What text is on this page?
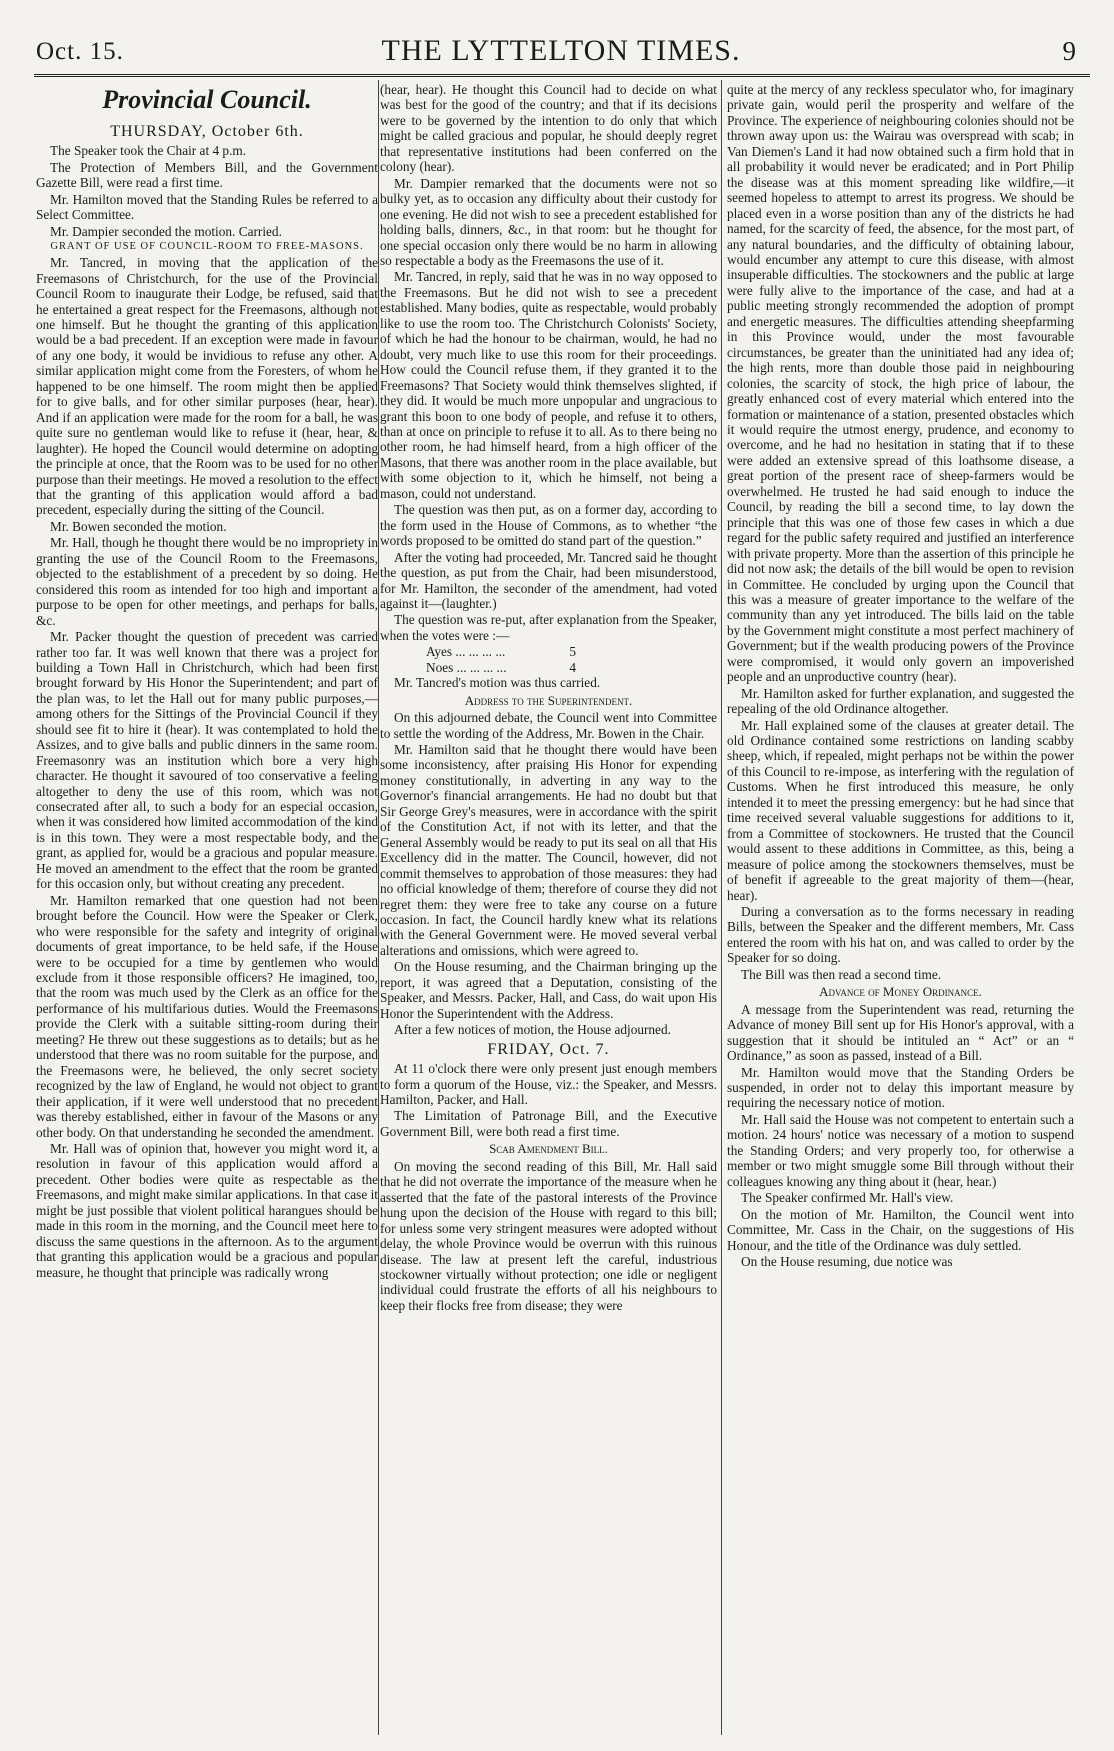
Oct. 15.	THE LYTTELTON TIMES.	9

Provincial Council.

THURSDAY, October 6th.

The Speaker took the Chair at 4 p.m.

The Protection of Members Bill, and the Government Gazette Bill, were read a first time.

Mr. Hamilton moved that the Standing Rules be referred to a Select Committee.

Mr. Dampier seconded the motion. Carried.

GRANT OF USE OF COUNCIL-ROOM TO FREE-MASONS.

Mr. Tancred, in moving that the application of the Freemasons of Christchurch, for the use of the Provincial Council Room to inaugurate their Lodge, be refused, said that he entertained a great respect for the Freemasons, although not one himself. But he thought the granting of this application would be a bad precedent. If an exception were made in favour of any one body, it would be invidious to refuse any other. A similar application might come from the Foresters, of whom he happened to be one himself. The room might then be applied for to give balls, and for other similar purposes (hear, hear). And if an application were made for the room for a ball, he was quite sure no gentleman would like to refuse it (hear, hear, & laughter). He hoped the Council would determine on adopting the principle at once, that the Room was to be used for no other purpose than their meetings. He moved a resolution to the effect that the granting of this application would afford a bad precedent, especially during the sitting of the Council.

Mr. Bowen seconded the motion.

Mr. Hall, though he thought there would be no impropriety in granting the use of the Council Room to the Freemasons, objected to the establishment of a precedent by so doing. He considered this room as intended for too high and important a purpose to be open for other meetings, and perhaps for balls, &c.

Mr. Packer thought the question of precedent was carried rather too far. It was well known that there was a project for building a Town Hall in Christchurch, which had been first brought forward by His Honor the Superintendent; and part of the plan was, to let the Hall out for many public purposes,—among others for the Sittings of the Provincial Council if they should see fit to hire it (hear). It was contemplated to hold the Assizes, and to give balls and public dinners in the same room. Freemasonry was an institution which bore a very high character. He thought it savoured of too conservative a feeling altogether to deny the use of this room, which was not consecrated after all, to such a body for an especial occasion, when it was considered how limited accommodation of the kind is in this town. They were a most respectable body, and the grant, as applied for, would be a gracious and popular measure. He moved an amendment to the effect that the room be granted for this occasion only, but without creating any precedent.

Mr. Hamilton remarked that one question had not been brought before the Council. How were the Speaker or Clerk, who were responsible for the safety and integrity of original documents of great importance, to be held safe, if the House were to be occupied for a time by gentlemen who would exclude from it those responsible officers? He imagined, too, that the room was much used by the Clerk as an office for the performance of his multifarious duties. Would the Freemasons provide the Clerk with a suitable sitting-room during their meeting? He threw out these suggestions as to details; but as he understood that there was no room suitable for the purpose, and the Freemasons were, he believed, the only secret society recognized by the law of England, he would not object to grant their application, if it were well understood that no precedent was thereby established, either in favour of the Masons or any other body. On that understanding he seconded the amendment.

Mr. Hall was of opinion that, however you might word it, a resolution in favour of this application would afford a precedent. Other bodies were quite as respectable as the Freemasons, and might make similar applications. In that case it might be just possible that violent political harangues should be made in this room in the morning, and the Council meet here to discuss the same questions in the afternoon. As to the argument that granting this application would be a gracious and popular measure, he thought that principle was radically wrong

(hear, hear). He thought this Council had to decide on what was best for the good of the country; and that if its decisions were to be governed by the intention to do only that which might be called gracious and popular, he should deeply regret that representative institutions had been conferred on the colony (hear).

Mr. Dampier remarked that the documents were not so bulky yet, as to occasion any difficulty about their custody for one evening. He did not wish to see a precedent established for holding balls, dinners, &c., in that room: but he thought for one special occasion only there would be no harm in allowing so respectable a body as the Freemasons the use of it.

Mr. Tancred, in reply, said that he was in no way opposed to the Freemasons. But he did not wish to see a precedent established. Many bodies, quite as respectable, would probably like to use the room too. The Christchurch Colonists' Society, of which he had the honour to be chairman, would, he had no doubt, very much like to use this room for their proceedings. How could the Council refuse them, if they granted it to the Freemasons? That Society would think themselves slighted, if they did. It would be much more unpopular and ungracious to grant this boon to one body of people, and refuse it to others, than at once on principle to refuse it to all. As to there being no other room, he had himself heard, from a high officer of the Masons, that there was another room in the place available, but with some objection to it, which he himself, not being a mason, could not understand.

The question was then put, as on a former day, according to the form used in the House of Commons, as to whether “the words proposed to be omitted do stand part of the question.”

After the voting had proceeded, Mr. Tancred said he thought the question, as put from the Chair, had been misunderstood, for Mr. Hamilton, the seconder of the amendment, had voted against it—(laughter.)

The question was re-put, after explanation from the Speaker, when the votes were :—

Ayes ... ... ... ...	5
Noes ... ... ... ...	4

Mr. Tancred's motion was thus carried.

Address to the Superintendent.

On this adjourned debate, the Council went into Committee to settle the wording of the Address, Mr. Bowen in the Chair.

Mr. Hamilton said that he thought there would have been some inconsistency, after praising His Honor for expending money constitutionally, in adverting in any way to the Governor's financial arrangements. He had no doubt but that Sir George Grey's measures, were in accordance with the spirit of the Constitution Act, if not with its letter, and that the General Assembly would be ready to put its seal on all that His Excellency did in the matter. The Council, however, did not commit themselves to approbation of those measures: they had no official knowledge of them; therefore of course they did not regret them: they were free to take any course on a future occasion. In fact, the Council hardly knew what its relations with the General Government were. He moved several verbal alterations and omissions, which were agreed to.

On the House resuming, and the Chairman bringing up the report, it was agreed that a Deputation, consisting of the Speaker, and Messrs. Packer, Hall, and Cass, do wait upon His Honor the Superintendent with the Address.

After a few notices of motion, the House adjourned.

FRIDAY, Oct. 7.

At 11 o'clock there were only present just enough members to form a quorum of the House, viz.: the Speaker, and Messrs. Hamilton, Packer, and Hall.

The Limitation of Patronage Bill, and the Executive Government Bill, were both read a first time.

Scab Amendment Bill.

On moving the second reading of this Bill, Mr. Hall said that he did not overrate the importance of the measure when he asserted that the fate of the pastoral interests of the Province hung upon the decision of the House with regard to this bill; for unless some very stringent measures were adopted without delay, the whole Province would be overrun with this ruinous disease. The law at present left the careful, industrious stockowner virtually without protection; one idle or negligent individual could frustrate the efforts of all his neighbours to keep their flocks free from disease; they were

quite at the mercy of any reckless speculator who, for imaginary private gain, would peril the prosperity and welfare of the Province. The experience of neighbouring colonies should not be thrown away upon us: the Wairau was overspread with scab; in Van Diemen's Land it had now obtained such a firm hold that in all probability it would never be eradicated; and in Port Philip the disease was at this moment spreading like wildfire,—it seemed hopeless to attempt to arrest its progress. We should be placed even in a worse position than any of the districts he had named, for the scarcity of feed, the absence, for the most part, of any natural boundaries, and the difficulty of obtaining labour, would encumber any attempt to cure this disease, with almost insuperable difficulties. The stockowners and the public at large were fully alive to the importance of the case, and had at a public meeting strongly recommended the adoption of prompt and energetic measures. The difficulties attending sheepfarming in this Province would, under the most favourable circumstances, be greater than the uninitiated had any idea of; the high rents, more than double those paid in neighbouring colonies, the scarcity of stock, the high price of labour, the greatly enhanced cost of every material which entered into the formation or maintenance of a station, presented obstacles which it would require the utmost energy, prudence, and economy to overcome, and he had no hesitation in stating that if to these were added an extensive spread of this loathsome disease, a great portion of the present race of sheep-farmers would be overwhelmed. He trusted he had said enough to induce the Council, by reading the bill a second time, to lay down the principle that this was one of those few cases in which a due regard for the public safety required and justified an interference with private property. More than the assertion of this principle he did not now ask; the details of the bill would be open to revision in Committee. He concluded by urging upon the Council that this was a measure of greater importance to the welfare of the community than any yet introduced. The bills laid on the table by the Government might constitute a most perfect machinery of Government; but if the wealth producing powers of the Province were compromised, it would only govern an impoverished people and an unproductive country (hear).

Mr. Hamilton asked for further explanation, and suggested the repealing of the old Ordinance altogether.

Mr. Hall explained some of the clauses at greater detail. The old Ordinance contained some restrictions on landing scabby sheep, which, if repealed, might perhaps not be within the power of this Council to re-impose, as interfering with the regulation of Customs. When he first introduced this measure, he only intended it to meet the pressing emergency: but he had since that time received several valuable suggestions for additions to it, from a Committee of stockowners. He trusted that the Council would assent to these additions in Committee, as this, being a measure of police among the stockowners themselves, must be of benefit if agreeable to the great majority of them—(hear, hear).

During a conversation as to the forms necessary in reading Bills, between the Speaker and the different members, Mr. Cass entered the room with his hat on, and was called to order by the Speaker for so doing.

The Bill was then read a second time.

Advance of Money Ordinance.

A message from the Superintendent was read, returning the Advance of money Bill sent up for His Honor's approval, with a suggestion that it should be intituled an “ Act” or an “ Ordinance,” as soon as passed, instead of a Bill.

Mr. Hamilton would move that the Standing Orders be suspended, in order not to delay this important measure by requiring the necessary notice of motion.

Mr. Hall said the House was not competent to entertain such a motion. 24 hours' notice was necessary of a motion to suspend the Standing Orders; and very properly too, for otherwise a member or two might smuggle some Bill through without their colleagues knowing any thing about it (hear, hear.)

The Speaker confirmed Mr. Hall's view.

On the motion of Mr. Hamilton, the Council went into Committee, Mr. Cass in the Chair, on the suggestions of His Honour, and the title of the Ordinance was duly settled.

On the House resuming, due notice was
